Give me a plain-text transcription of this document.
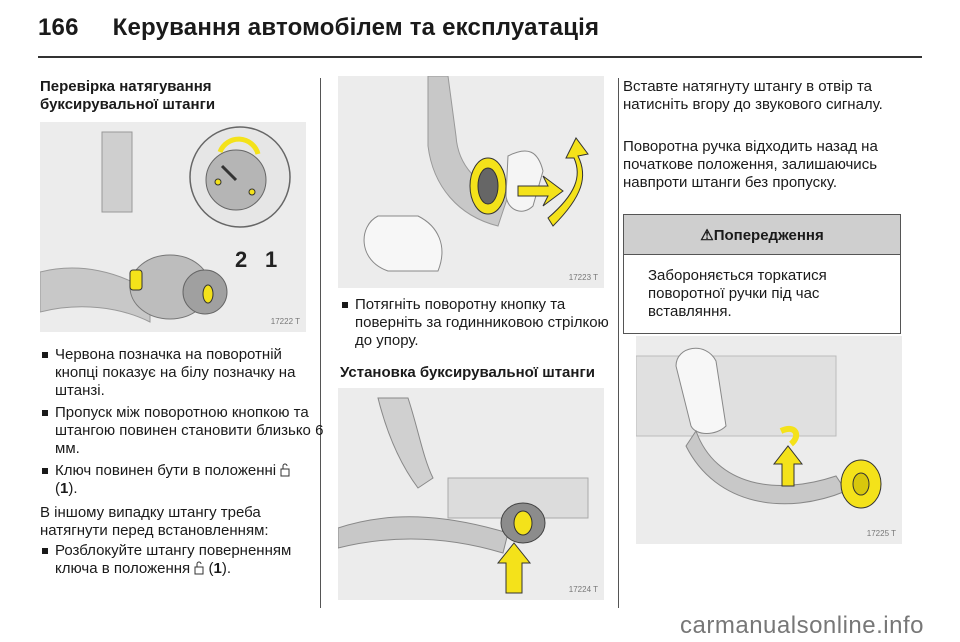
166 Керування автомобілем та експлуатація
Перевірка натягування буксирувальної штанги
2 1
17222 T
Червона позначка на поворотній кнопці показує на білу позначку на штанзі.
Пропуск між поворотною кнопкою та штангою повинен становити близько 6 мм.
Ключ повинен бути в положенні  (1).
В іншому випадку штангу треба натягнути перед встановленням:
Розблокуйте штангу поверненням ключа в положення  (1).
17223 T
Потягніть поворотну кнопку та поверніть за годинниковою стрілкою до упору.
Установка буксирувальної штанги
17224 T
Вставте натягнуту штангу в отвір та натисніть вгору до звукового сигналу.
Поворотна ручка відходить назад на початкове положення, залишаючись навпроти штанги без пропуску.
⚠Попередження
Забороняється торкатися поворотної ручки під час вставляння.
17225 T
carmanualsonline.info
